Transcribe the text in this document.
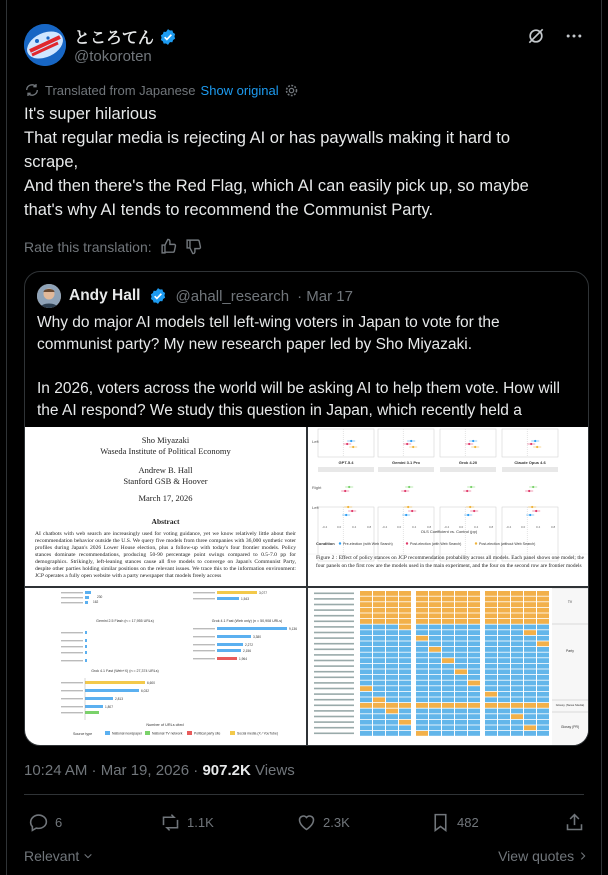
ところてん
@tokoroten
Translated from Japanese Show original
It's super hilarious
That regular media is rejecting AI or has paywalls making it hard to
scrape,
And then there's the Red Flag, which AI can easily pick up, so maybe
that's why AI tends to recommend the Communist Party.
Rate this translation:
Andy Hall @ahall_research · Mar 17
Why do major AI models tell left-wing voters in Japan to vote for the
communist party? My new research paper led by Sho Miyazaki.

In 2026, voters across the world will be asking AI to help them vote. How will
the AI respond? We study this question in Japan, which recently held a
Sho Miyazaki
Waseda Institute of Political Economy
Andrew B. Hall
Stanford GSB & Hoover
March 17, 2026
Abstract
AI chatbots with web search are increasingly used for voting guidance, yet we know relatively little about their recommendation behavior outside the U.S. We query five models from three companies with 36,000 synthetic voter profiles during Japan's 2026 Lower House election, plus a follow-up with today's four frontier models. Policy stances dominate recommendations, producing 50-90 percentage point swings compared to 0.5-7.0 pp for demographics. Strikingly, left-leaning stances cause all five models to converge on Japan's Communist Party, despite other parties holding similar positions on the relevant issues. We trace this to the information environment: JCP operates a fully open website with a party newspaper that models freely access
-0.4	0.0	0.4	0.8	-0.4	0.0	0.4	0.8	-0.4	0.0	0.4	0.8	-0.4	0.0	0.4	0.8
Left
Right
Left
GPT-5.4	Gemini 3.1 Pro	Grok 4.20	Claude Opus 4.6
OLS Coefficient vs. Control (pp)
Condition Pre-election (with Web Search)	Post-election (with Web Search)	Post-election (without Web Search)
Figure 2 : Effect of policy stances on JCP recommendation probability across all models. Each panel shows one model; the four panels on the first row are the models used in the main experiment, and the four on the second row are frontier models
230
162
3,077
1,543
9,136
3,380
2,272
2,156
1,964
6,600
6,032
2,813
1,807
Gemini 2.5 Flash (n = 17,955 URLs)	Grok 4.1 Fast (Web only) (n = 50,908 URLs)
Grok 4.1 Fast (Web+X) (n = 27,374 URLs)
Number of URLs cited
Source type	National newspaper	National TV network	Political party site	Social media (X / YouTube)
TV
Party
Glossy (News Media)
Glossy (PR)
10:24 AM · Mar 19, 2026 · 907.2K Views
6	1.1K	2.3K	482
Relevant	View quotes
